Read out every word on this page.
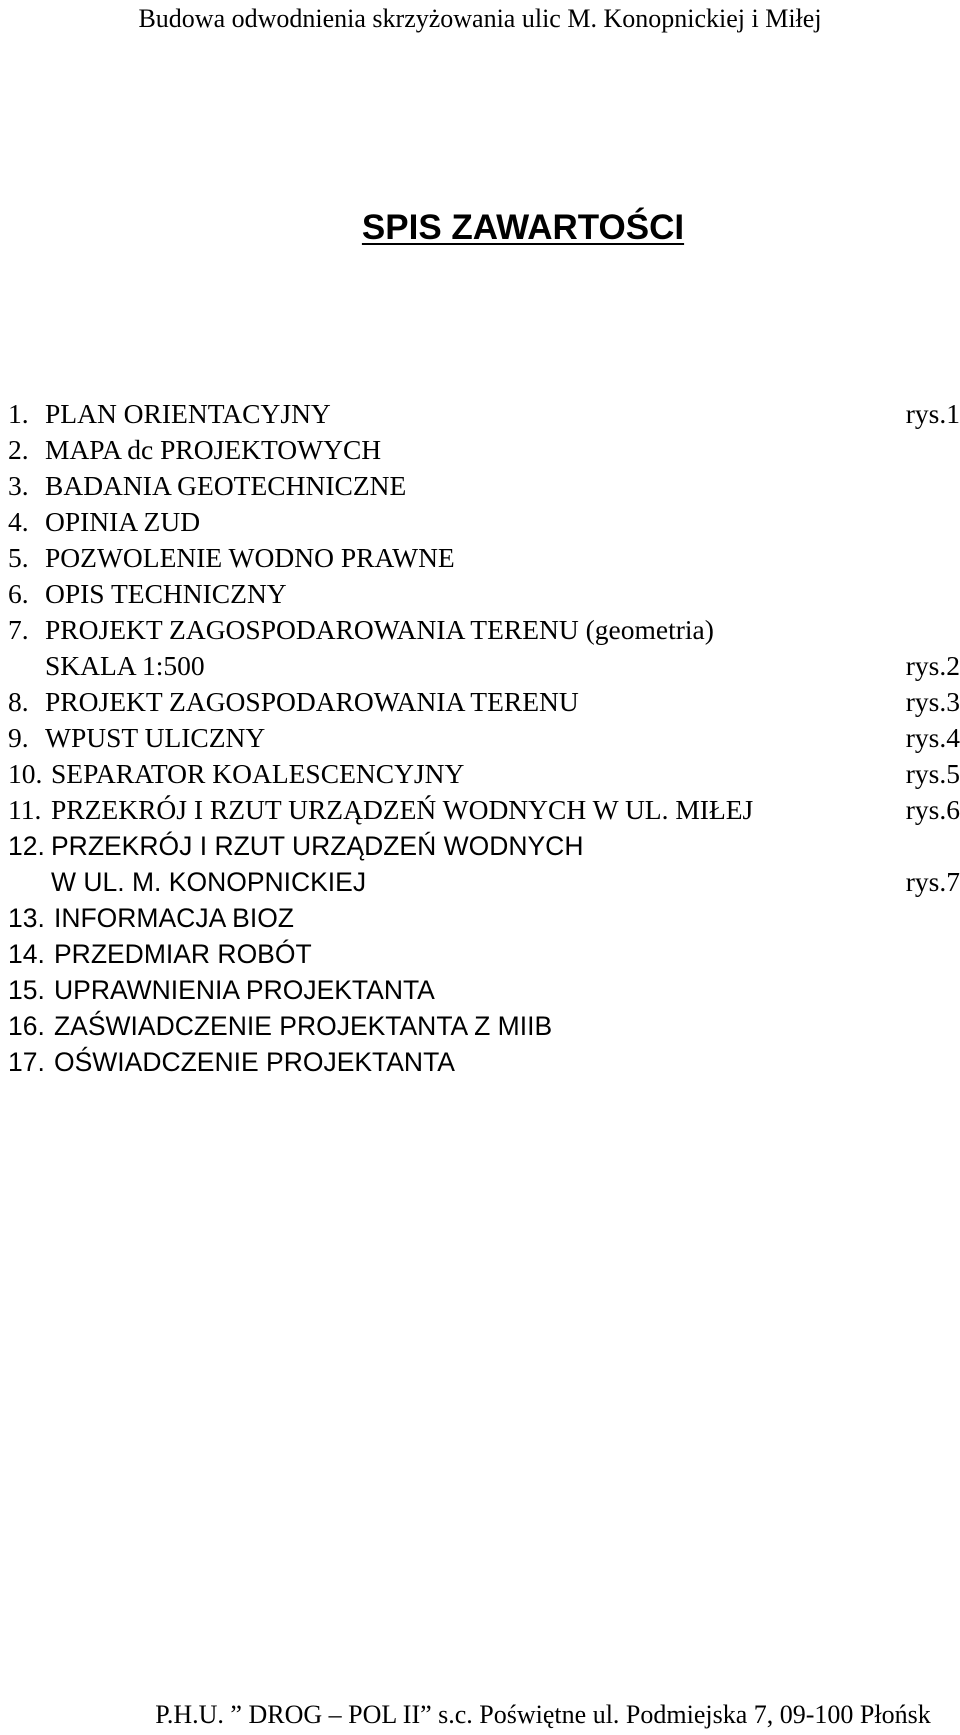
Budowa odwodnienia skrzyżowania ulic M. Konopnickiej i Miłej
SPIS ZAWARTOŚCI
1. PLAN ORIENTACYJNY	rys.1
2. MAPA dc PROJEKTOWYCH
3. BADANIA GEOTECHNICZNE
4. OPINIA ZUD
5. POZWOLENIE WODNO PRAWNE
6. OPIS TECHNICZNY
7. PROJEKT ZAGOSPODAROWANIA TERENU (geometria)
SKALA 1:500	rys.2
8. PROJEKT ZAGOSPODAROWANIA TERENU	rys.3
9. WPUST ULICZNY	rys.4
10. SEPARATOR KOALESCENCYJNY	rys.5
11. PRZEKRÓJ I RZUT URZĄDZEŃ WODNYCH W UL. MIŁEJ	rys.6
12. PRZEKRÓJ I RZUT URZĄDZEŃ WODNYCH
W UL. M. KONOPNICKIEJ	rys.7
13. INFORMACJA BIOZ
14. PRZEDMIAR ROBÓT
15. UPRAWNIENIA PROJEKTANTA
16. ZAŚWIADCZENIE PROJEKTANTA Z MIIB
17. OŚWIADCZENIE PROJEKTANTA
P.H.U. ” DROG – POL II” s.c. Poświętne ul. Podmiejska 7, 09-100 Płońsk
